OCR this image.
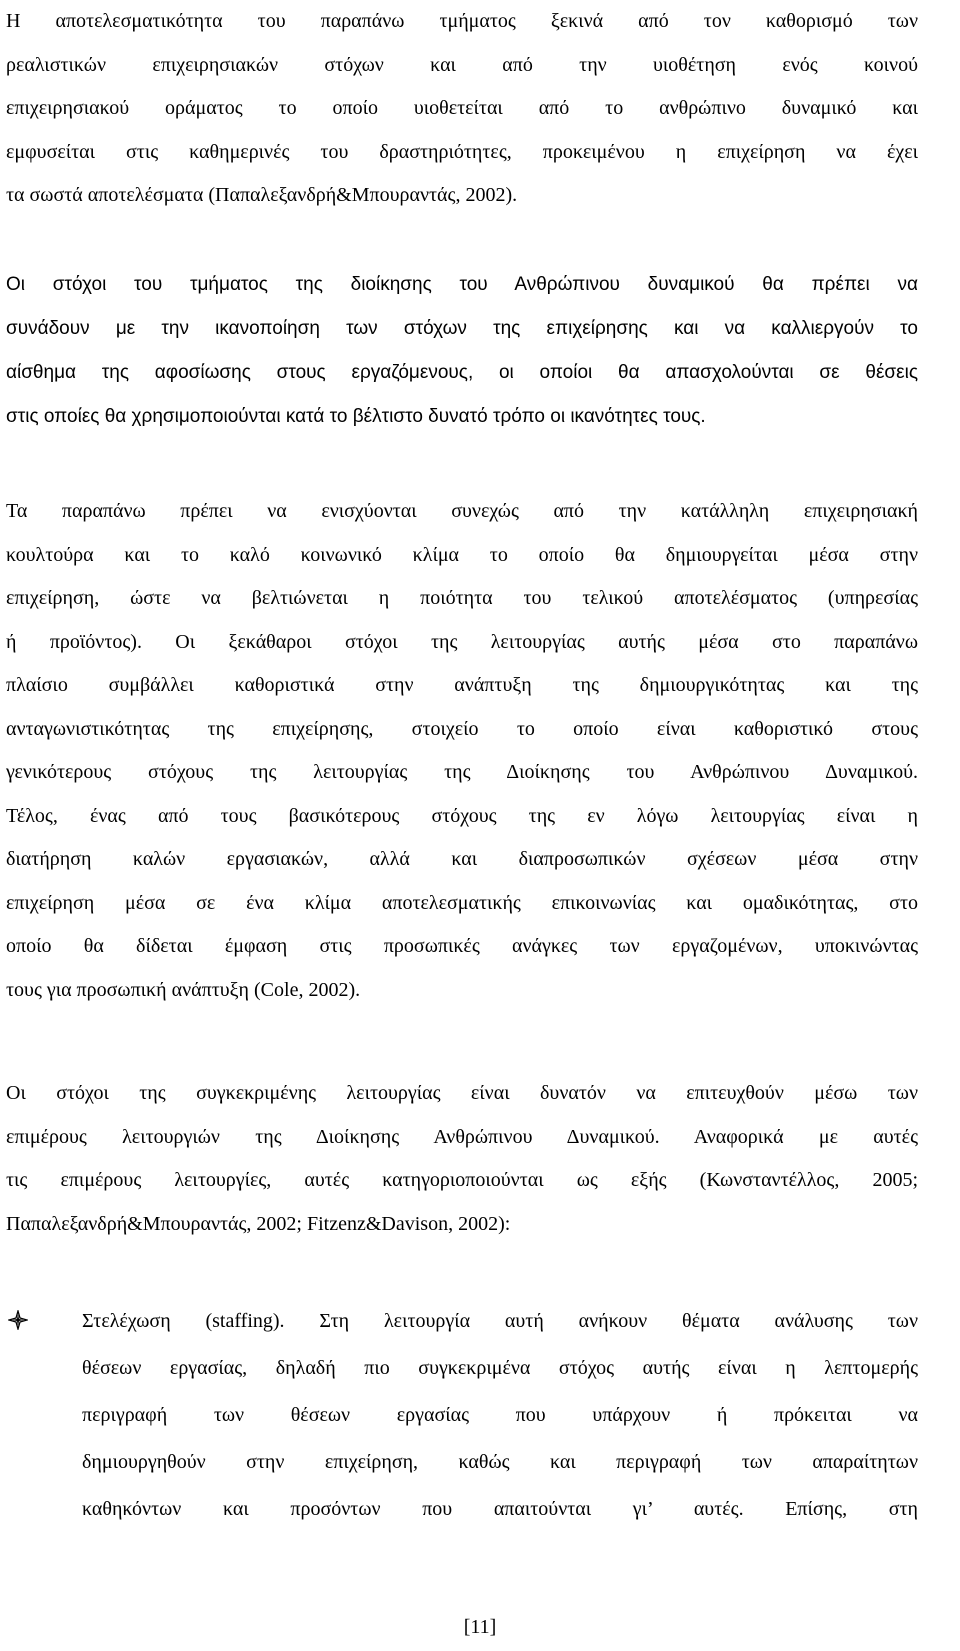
Η αποτελεσματικότητα του παραπάνω τμήματος ξεκινά από τον καθορισμό των
ρεαλιστικών επιχειρησιακών στόχων και από την υιοθέτηση ενός κοινού
επιχειρησιακού οράματος το οποίο υιοθετείται από το ανθρώπινο δυναμικό και
εμφυσείται στις καθημερινές του δραστηριότητες, προκειμένου η επιχείρηση να έχει
τα σωστά αποτελέσματα (Παπαλεξανδρή&Μπουραντάς, 2002).
Οι στόχοι του τμήματος της διοίκησης του Ανθρώπινου δυναμικού θα πρέπει να
συνάδουν με την ικανοποίηση των στόχων της επιχείρησης και να καλλιεργούν το
αίσθημα της αφοσίωσης στους εργαζόμενους, οι οποίοι θα απασχολούνται σε θέσεις
στις οποίες θα χρησιμοποιούνται κατά το βέλτιστο δυνατό τρόπο οι ικανότητες τους.
Τα παραπάνω πρέπει να ενισχύονται συνεχώς από την κατάλληλη επιχειρησιακή
κουλτούρα και το καλό κοινωνικό κλίμα το οποίο θα δημιουργείται μέσα στην
επιχείρηση, ώστε να βελτιώνεται η ποιότητα του τελικού αποτελέσματος (υπηρεσίας
ή προϊόντος). Οι ξεκάθαροι στόχοι της λειτουργίας αυτής μέσα στο παραπάνω
πλαίσιο συμβάλλει καθοριστικά στην ανάπτυξη της δημιουργικότητας και της
ανταγωνιστικότητας της επιχείρησης, στοιχείο το οποίο είναι καθοριστικό στους
γενικότερους στόχους της λειτουργίας της Διοίκησης του Ανθρώπινου Δυναμικού.
Τέλος, ένας από τους βασικότερους στόχους της εν λόγω λειτουργίας είναι η
διατήρηση καλών εργασιακών, αλλά και διαπροσωπικών σχέσεων μέσα στην
επιχείρηση μέσα σε ένα κλίμα αποτελεσματικής επικοινωνίας και ομαδικότητας, στο
οποίο θα δίδεται έμφαση στις προσωπικές ανάγκες των εργαζομένων, υποκινώντας
τους για προσωπική ανάπτυξη (Cole, 2002).
Οι στόχοι της συγκεκριμένης λειτουργίας είναι δυνατόν να επιτευχθούν μέσω των
επιμέρους λειτουργιών της Διοίκησης Ανθρώπινου Δυναμικού. Αναφορικά με αυτές
τις επιμέρους λειτουργίες, αυτές κατηγοριοποιούνται ως εξής (Κωνσταντέλλος, 2005;
Παπαλεξανδρή&Μπουραντάς, 2002; Fitzenz&Davison, 2002):
Στελέχωση (staffing). Στη λειτουργία αυτή ανήκουν θέματα ανάλυσης των
θέσεων εργασίας, δηλαδή πιο συγκεκριμένα στόχος αυτής είναι η λεπτομερής
περιγραφή των θέσεων εργασίας που υπάρχουν ή πρόκειται να
δημιουργηθούν στην επιχείρηση, καθώς και περιγραφή των απαραίτητων
καθηκόντων και προσόντων που απαιτούνται γι’ αυτές. Επίσης, στη
[11]
